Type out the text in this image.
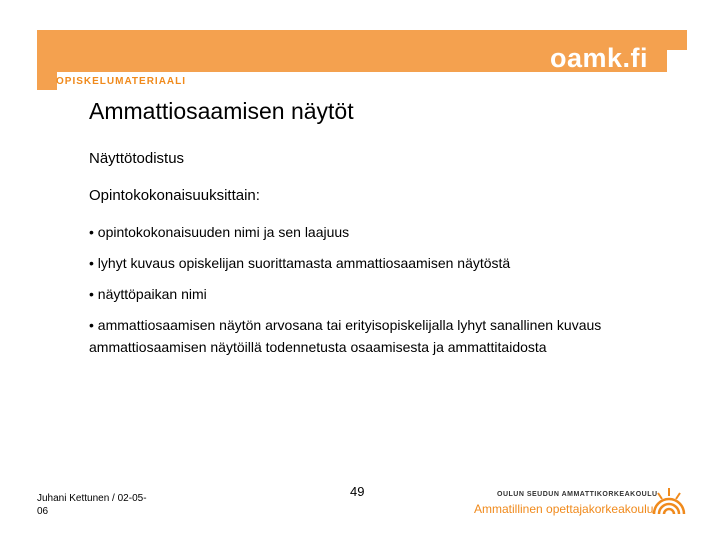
oamk.fi
OPISKELUMATERIAALI
Ammattiosaamisen näytöt

Näyttötodistus

Opintokokonaisuuksittain:

• opintokokonaisuuden nimi ja sen laajuus

• lyhyt kuvaus opiskelijan suorittamasta ammattiosaamisen näytöstä

• näyttöpaikan nimi

• ammattiosaamisen näytön arvosana tai erityisopiskelijalla lyhyt sanallinen kuvaus ammattiosaamisen näytöillä todennetusta osaamisesta ja ammattitaidosta

Juhani Kettunen / 02-05-06
49	OULUN SEUDUN AMMATTIKORKEAKOULU
Ammatillinen opettajakorkeakoulu
